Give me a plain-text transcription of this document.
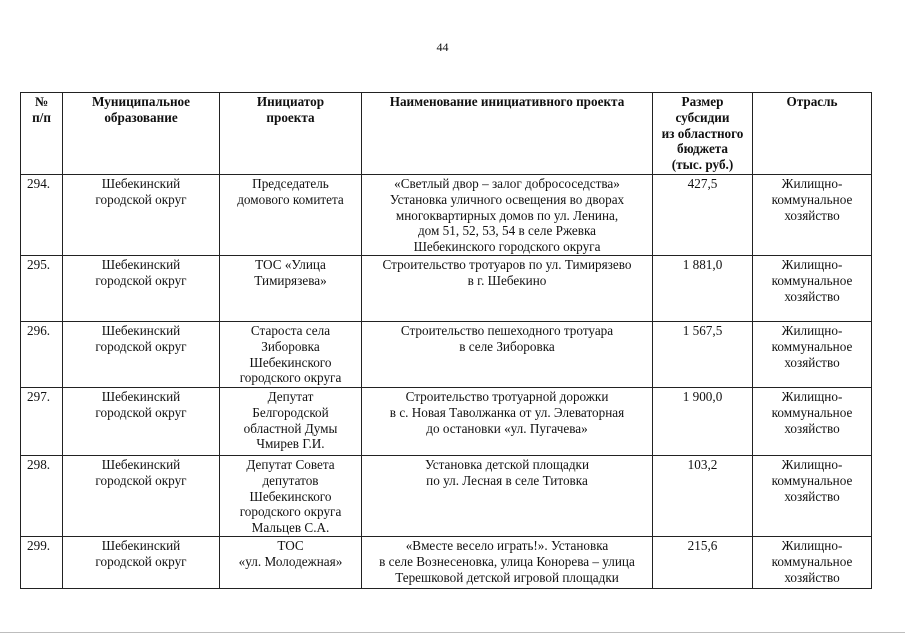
44
№
п/п	Муниципальное
образование	Инициатор
проекта	Наименование инициативного проекта	Размер
субсидии
из областного
бюджета
(тыс. руб.)	Отрасль
294.	Шебекинский
городской округ	Председатель
домового комитета	«Светлый двор – залог добрососедства»
Установка уличного освещения во дворах
многоквартирных домов по ул. Ленина,
дом 51, 52, 53, 54 в селе Ржевка
Шебекинского городского округа	427,5	Жилищно-
коммунальное
хозяйство
295.	Шебекинский
городской округ	ТОС «Улица
Тимирязева»	Строительство тротуаров по ул. Тимирязево
в г. Шебекино	1 881,0	Жилищно-
коммунальное
хозяйство
296.	Шебекинский
городской округ	Староста села
Зиборовка
Шебекинского
городского округа	Строительство пешеходного тротуара
в селе Зиборовка	1 567,5	Жилищно-
коммунальное
хозяйство
297.	Шебекинский
городской округ	Депутат
Белгородской
областной Думы
Чмирев Г.И.	Строительство тротуарной дорожки
в с. Новая Таволжанка от ул. Элеваторная
до остановки «ул. Пугачева»	1 900,0	Жилищно-
коммунальное
хозяйство
298.	Шебекинский
городской округ	Депутат Совета
депутатов
Шебекинского
городского округа
Мальцев С.А.	Установка детской площадки
по ул. Лесная в селе Титовка	103,2	Жилищно-
коммунальное
хозяйство
299.	Шебекинский
городской округ	ТОС
«ул. Молодежная»	«Вместе весело играть!». Установка
в селе Вознесеновка, улица Конорева – улица
Терешковой детской игровой площадки	215,6	Жилищно-
коммунальное
хозяйство
